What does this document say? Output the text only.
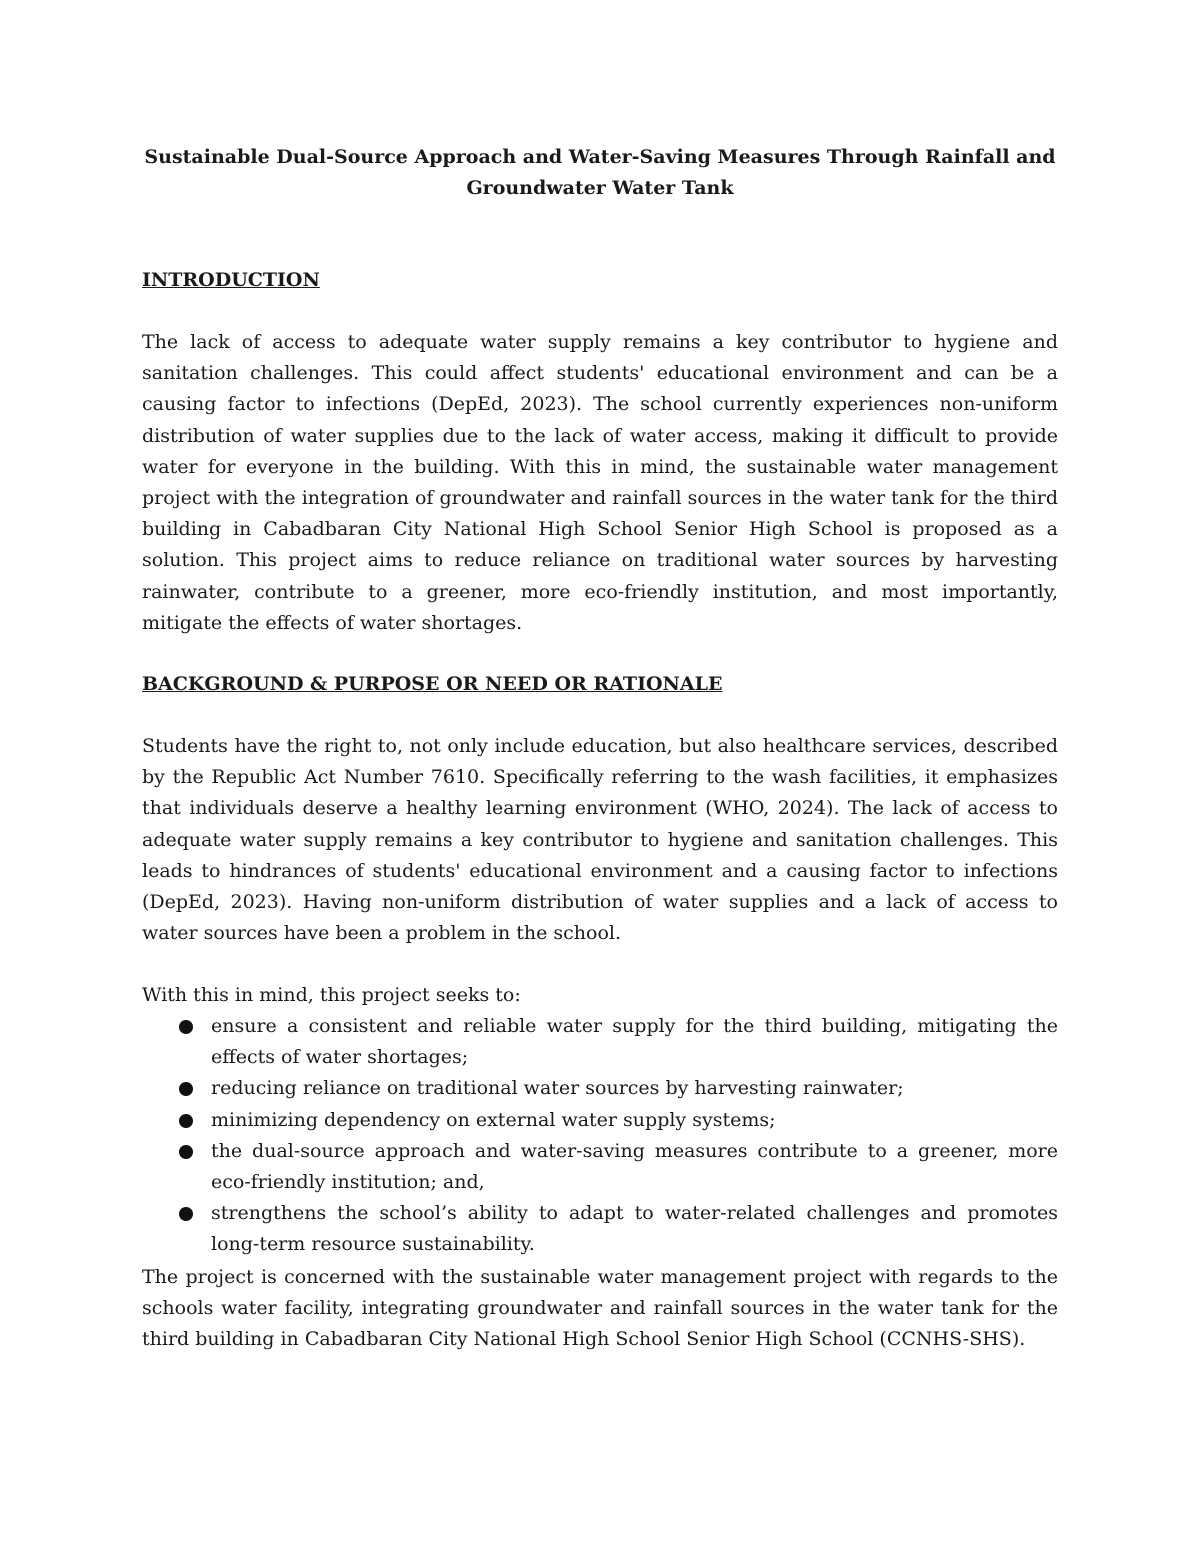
Sustainable Dual-Source Approach and Water-Saving Measures Through Rainfall and Groundwater Water Tank
INTRODUCTION

The lack of access to adequate water supply remains a key contributor to hygiene and sanitation challenges. This could affect students' educational environment and can be a causing factor to infections (DepEd, 2023). The school currently experiences non-uniform distribution of water supplies due to the lack of water access, making it difficult to provide water for everyone in the building. With this in mind, the sustainable water management project with the integration of groundwater and rainfall sources in the water tank for the third building in Cabadbaran City National High School Senior High School is proposed as a solution. This project aims to reduce reliance on traditional water sources by harvesting rainwater, contribute to a greener, more eco-friendly institution, and most importantly, mitigate the effects of water shortages.

BACKGROUND & PURPOSE OR NEED OR RATIONALE

Students have the right to, not only include education, but also healthcare services, described by the Republic Act Number 7610. Specifically referring to the wash facilities, it emphasizes that individuals deserve a healthy learning environment (WHO, 2024). The lack of access to adequate water supply remains a key contributor to hygiene and sanitation challenges. This leads to hindrances of students' educational environment and a causing factor to infections (DepEd, 2023). Having non-uniform distribution of water supplies and a lack of access to water sources have been a problem in the school.

With this in mind, this project seeks to:

ensure a consistent and reliable water supply for the third building, mitigating the effects of water shortages;
reducing reliance on traditional water sources by harvesting rainwater;
minimizing dependency on external water supply systems;
the dual-source approach and water-saving measures contribute to a greener, more eco-friendly institution; and,
strengthens the school’s ability to adapt to water-related challenges and promotes long-term resource sustainability.

The project is concerned with the sustainable water management project with regards to the schools water facility, integrating groundwater and rainfall sources in the water tank for the third building in Cabadbaran City National High School Senior High School (CCNHS-SHS).
